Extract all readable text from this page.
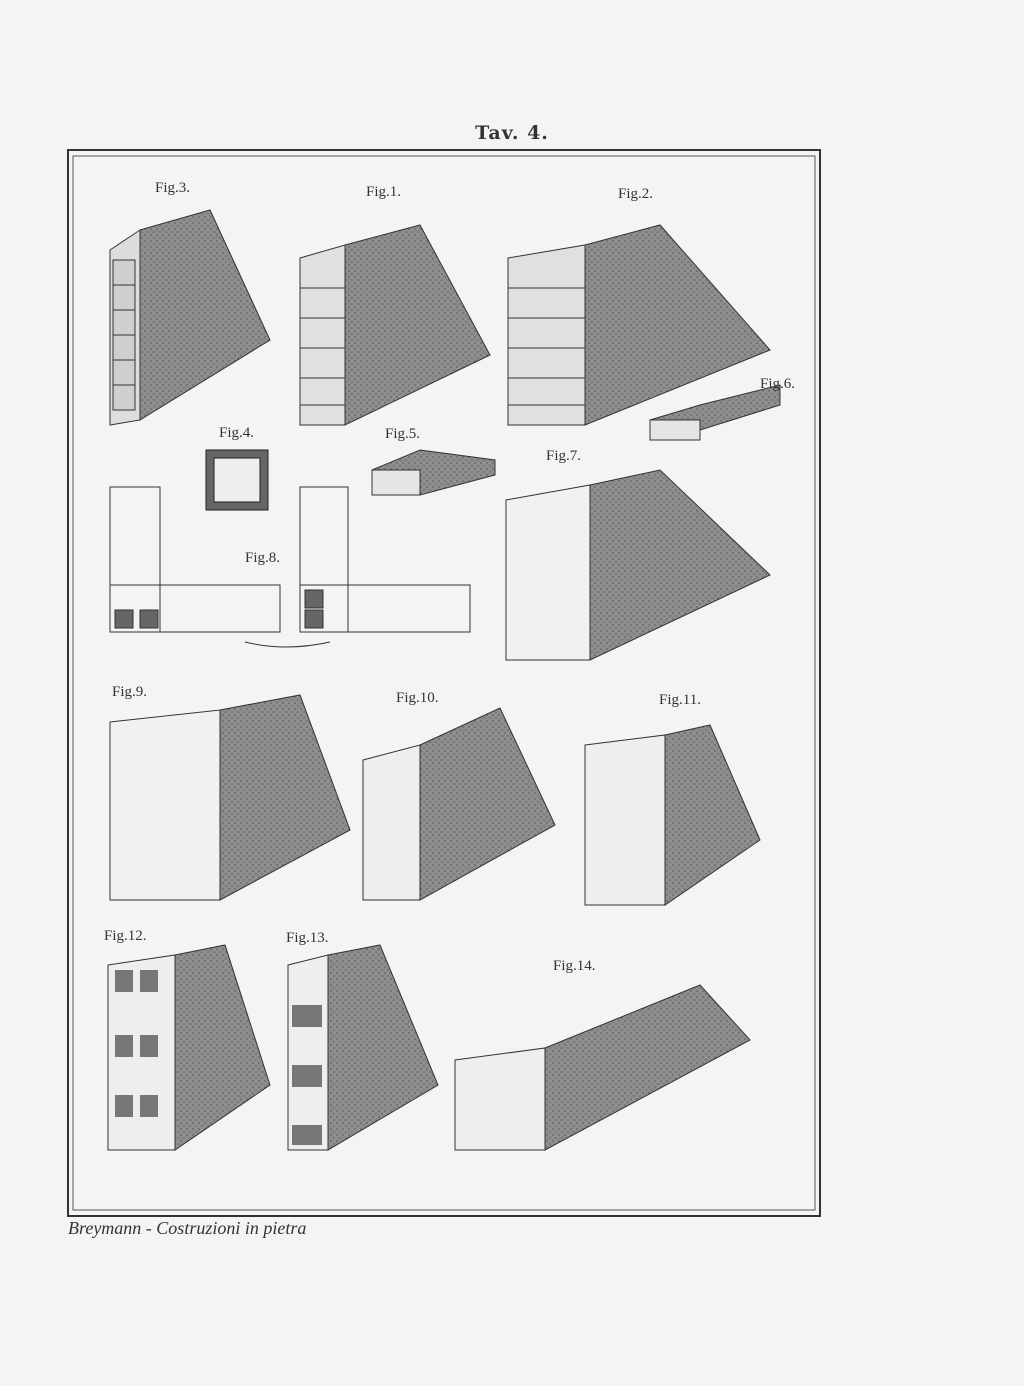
Tav. 4.
Fig.3.	Fig.1.	Fig.2.
Fig.6.
Fig.4.	Fig.5.
Fig.7.
Fig.8.
Fig.9.	Fig.10.	Fig.11.
Fig.12.	Fig.13.
Fig.14.
Breymann - Costruzioni in pietra
